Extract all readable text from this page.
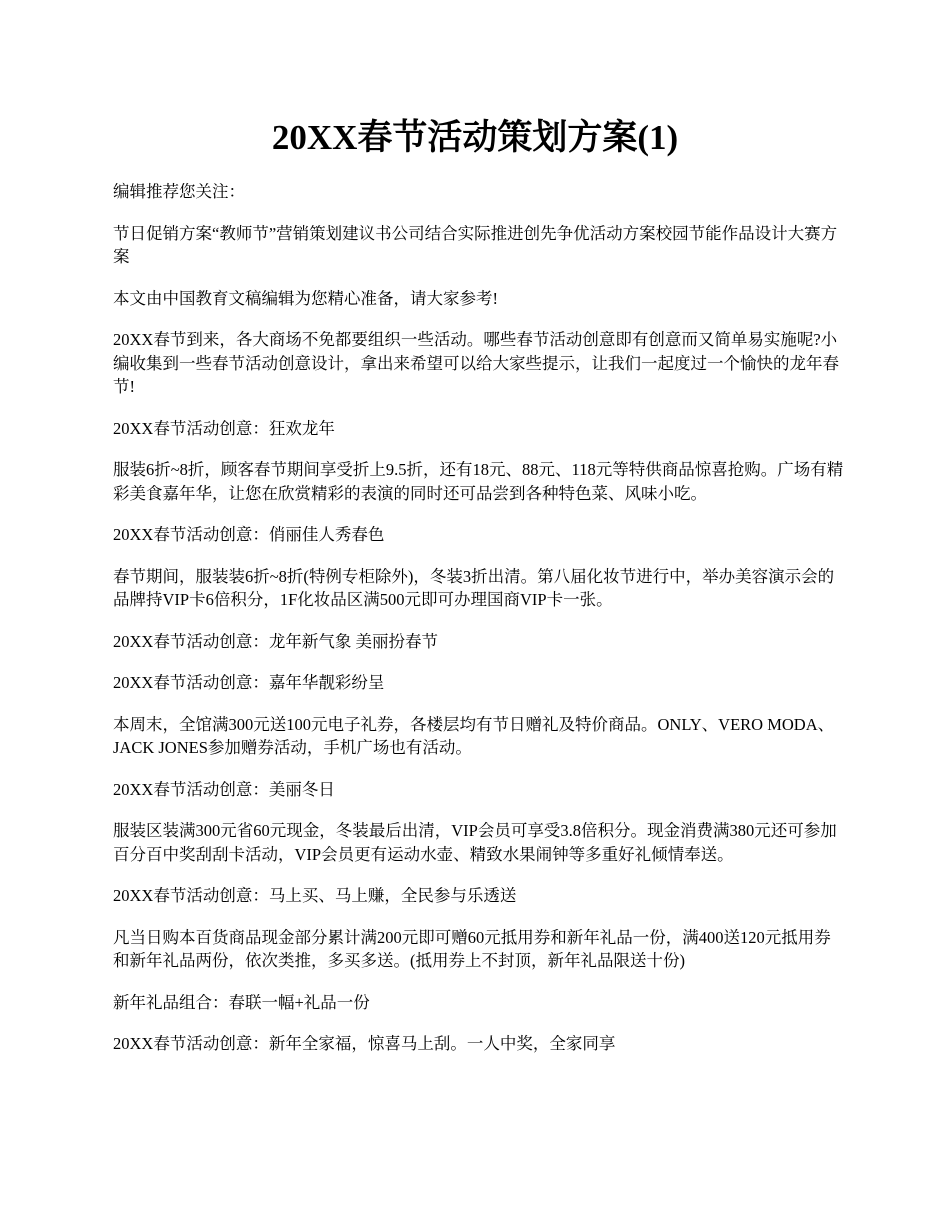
20XX春节活动策划方案(1)

编辑推荐您关注：

节日促销方案“教师节”营销策划建议书公司结合实际推进创先争优活动方案校园节能作品设计大赛方案

本文由中国教育文稿编辑为您精心准备，请大家参考!

20XX春节到来，各大商场不免都要组织一些活动。哪些春节活动创意即有创意而又简单易实施呢?小编收集到一些春节活动创意设计，拿出来希望可以给大家些提示，让我们一起度过一个愉快的龙年春节!

20XX春节活动创意：狂欢龙年

服装6折~8折，顾客春节期间享受折上9.5折，还有18元、88元、118元等特供商品惊喜抢购。广场有精彩美食嘉年华，让您在欣赏精彩的表演的同时还可品尝到各种特色菜、风味小吃。

20XX春节活动创意：俏丽佳人秀春色

春节期间，服装装6折~8折(特例专柜除外)，冬装3折出清。第八届化妆节进行中，举办美容演示会的品牌持VIP卡6倍积分，1F化妆品区满500元即可办理国商VIP卡一张。

20XX春节活动创意：龙年新气象 美丽扮春节

20XX春节活动创意：嘉年华靓彩纷呈

本周末，全馆满300元送100元电子礼券，各楼层均有节日赠礼及特价商品。ONLY、VERO MODA、JACK JONES参加赠券活动，手机广场也有活动。

20XX春节活动创意：美丽冬日

服装区装满300元省60元现金，冬装最后出清，VIP会员可享受3.8倍积分。现金消费满380元还可参加百分百中奖刮刮卡活动，VIP会员更有运动水壶、精致水果闹钟等多重好礼倾情奉送。

20XX春节活动创意：马上买、马上赚，全民参与乐透送

凡当日购本百货商品现金部分累计满200元即可赠60元抵用券和新年礼品一份，满400送120元抵用券和新年礼品两份，依次类推，多买多送。(抵用券上不封顶，新年礼品限送十份)

新年礼品组合：春联一幅+礼品一份

20XX春节活动创意：新年全家福，惊喜马上刮。一人中奖，全家同享
